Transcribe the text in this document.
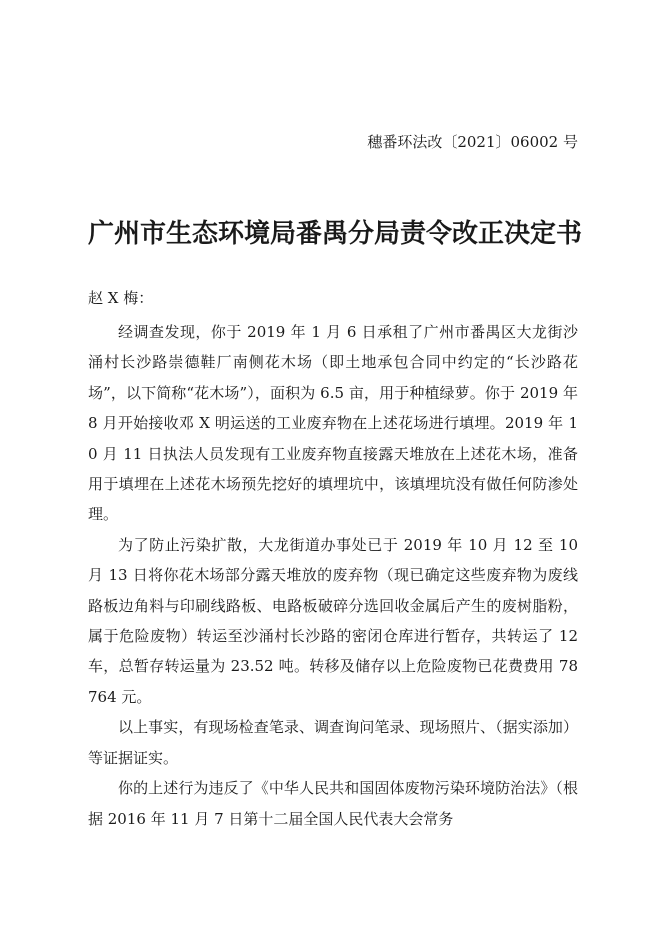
穗番环法改〔2021〕06002 号
广州市生态环境局番禺分局责令改正决定书
赵 X 梅：

经调查发现，你于 2019 年 1 月 6 日承租了广州市番禺区大龙街沙涌村长沙路崇德鞋厂南侧花木场（即土地承包合同中约定的“长沙路花场”，以下简称“花木场”），面积为 6.5 亩，用于种植绿萝。你于 2019 年 8 月开始接收邓 X 明运送的工业废弃物在上述花场进行填埋。2019 年 10 月 11 日执法人员发现有工业废弃物直接露天堆放在上述花木场，准备用于填埋在上述花木场预先挖好的填埋坑中，该填埋坑没有做任何防渗处理。

为了防止污染扩散，大龙街道办事处已于 2019 年 10 月 12 至 10 月 13 日将你花木场部分露天堆放的废弃物（现已确定这些废弃物为废线路板边角料与印刷线路板、电路板破碎分选回收金属后产生的废树脂粉，属于危险废物）转运至沙涌村长沙路的密闭仓库进行暂存，共转运了 12 车，总暂存转运量为 23.52 吨。转移及储存以上危险废物已花费费用 78764 元。

以上事实，有现场检查笔录、调查询问笔录、现场照片、（据实添加）等证据证实。

你的上述行为违反了《中华人民共和国固体废物污染环境防治法》（根据 2016 年 11 月 7 日第十二届全国人民代表大会常务
